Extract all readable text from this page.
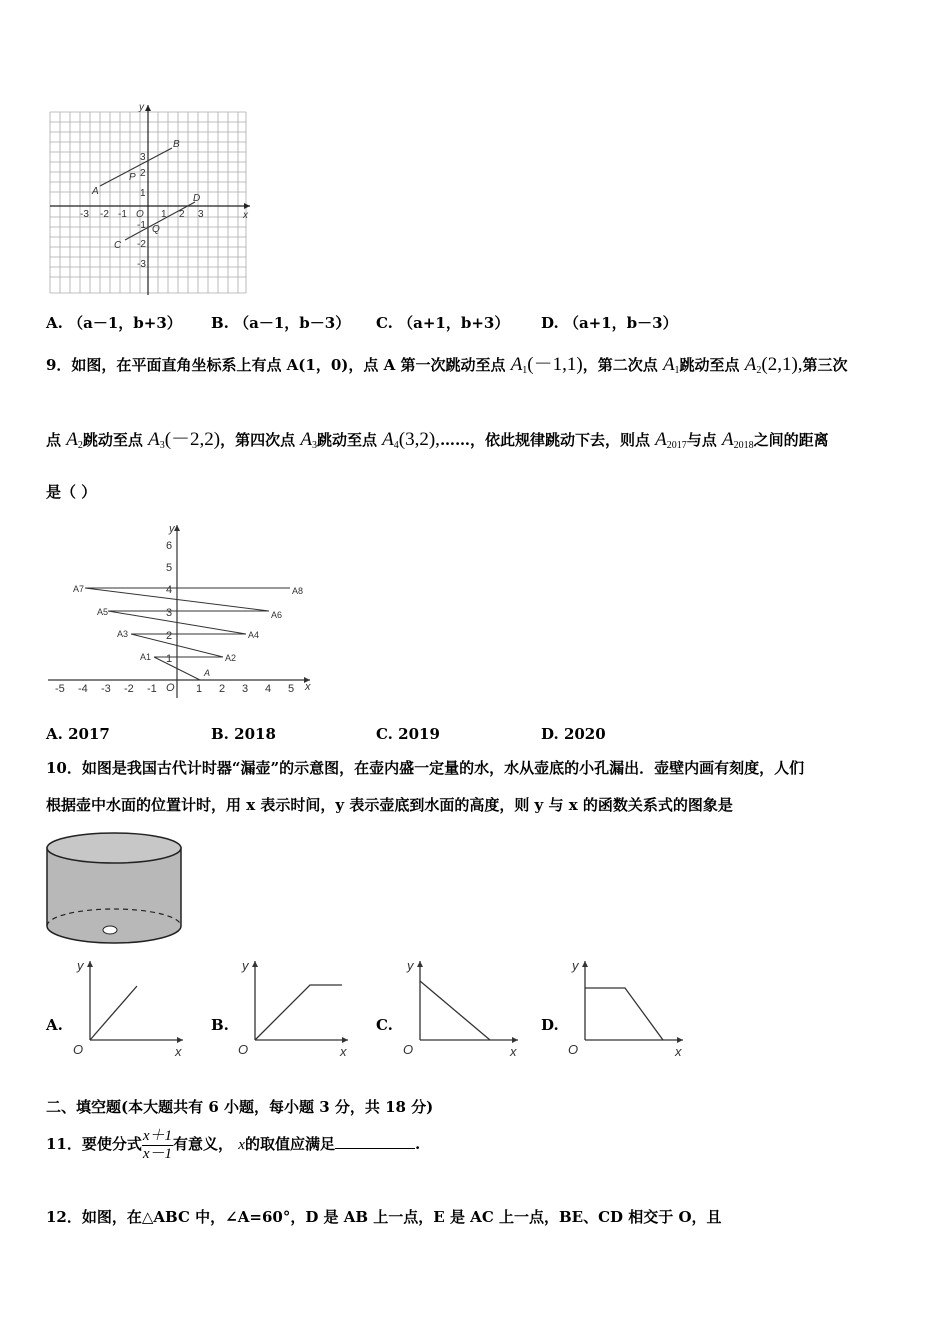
y
x
O
A
B
C
D
P
Q
-3 -2 -1	1 2 3
3
2
1
-1
-2
-3
A. （a－1，b+3） B. （a－1，b－3） C. （a+1，b+3） D. （a+1，b－3）
9．如图，在平面直角坐标系上有点 A(1，0)，点 A 第一次跳动至点 $A_1(-1,1)$，第二次点 $A_1$跳动至点 $A_2(2,1)$,第三次
点 $A_2$跳动至点 $A_3(-2,2)$，第四次点 $A_3$跳动至点 $A_4(3,2),\dots\dots$，依此规律跳动下去，则点 $A_{2017}$与点 $A_{2018}$之间的距离
是（ ）
-5 -4 -3 -2 -1	1 2 3 4 5
6
5
4
3
2
1
y
x
O
A
A1	A2
A3	A4
A5	A6
A7	A8
A. 2017	B. 2018	C. 2019	D. 2020
10．如图是我国古代计时器“漏壶”的示意图，在壶内盛一定量的水，水从壶底的小孔漏出．壶壁内画有刻度，人们
根据壶中水面的位置计时，用 x 表示时间，y 表示壶底到水面的高度，则 y 与 x 的函数关系式的图象是
A.
y
O	x
B.
y
O	x
C.
y
O	x
D.
y
O	x
二、填空题(本大题共有 6 小题，每小题 3 分，共 18 分)
11．要使分式 $\frac{x+1}{x-1}$ 有意义， x的取值应满足	.
12．如图，在△ABC 中，∠A=60°，D 是 AB 上一点，E 是 AC 上一点，BE、CD 相交于 O，且
